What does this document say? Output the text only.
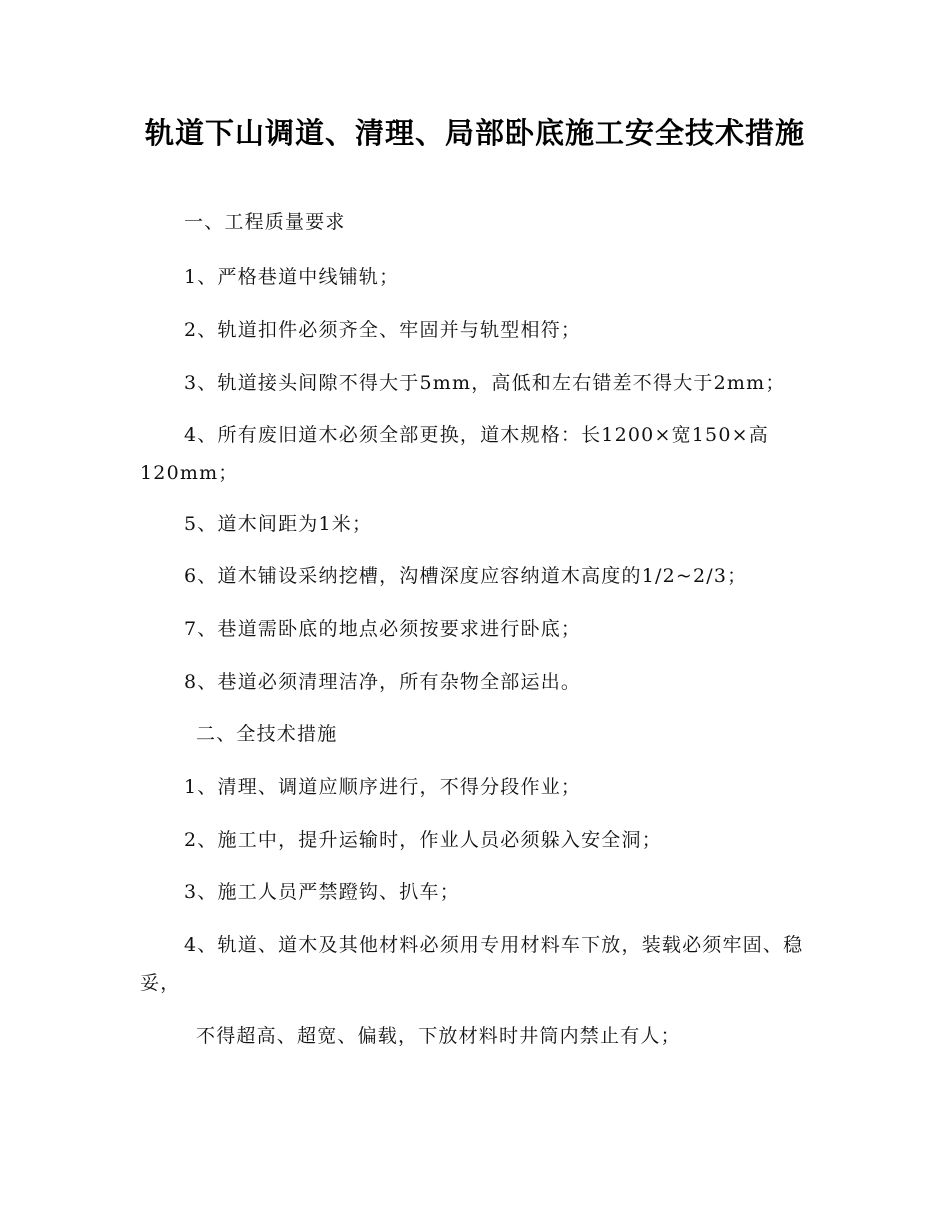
轨道下山调道、清理、局部卧底施工安全技术措施
一、工程质量要求
1、严格巷道中线铺轨；
2、轨道扣件必须齐全、牢固并与轨型相符；
3、轨道接头间隙不得大于5mm，高低和左右错差不得大于2mm；
4、所有废旧道木必须全部更换，道木规格：长1200×宽150×高120mm；
5、道木间距为1米；
6、道木铺设采纳挖槽，沟槽深度应容纳道木高度的1/2~2/3；
7、巷道需卧底的地点必须按要求进行卧底；
8、巷道必须清理洁净，所有杂物全部运出。
二、全技术措施
1、清理、调道应顺序进行，不得分段作业；
2、施工中，提升运输时，作业人员必须躲入安全洞；
3、施工人员严禁蹬钩、扒车；
4、轨道、道木及其他材料必须用专用材料车下放，装载必须牢固、稳妥，
不得超高、超宽、偏载，下放材料时井筒内禁止有人；
